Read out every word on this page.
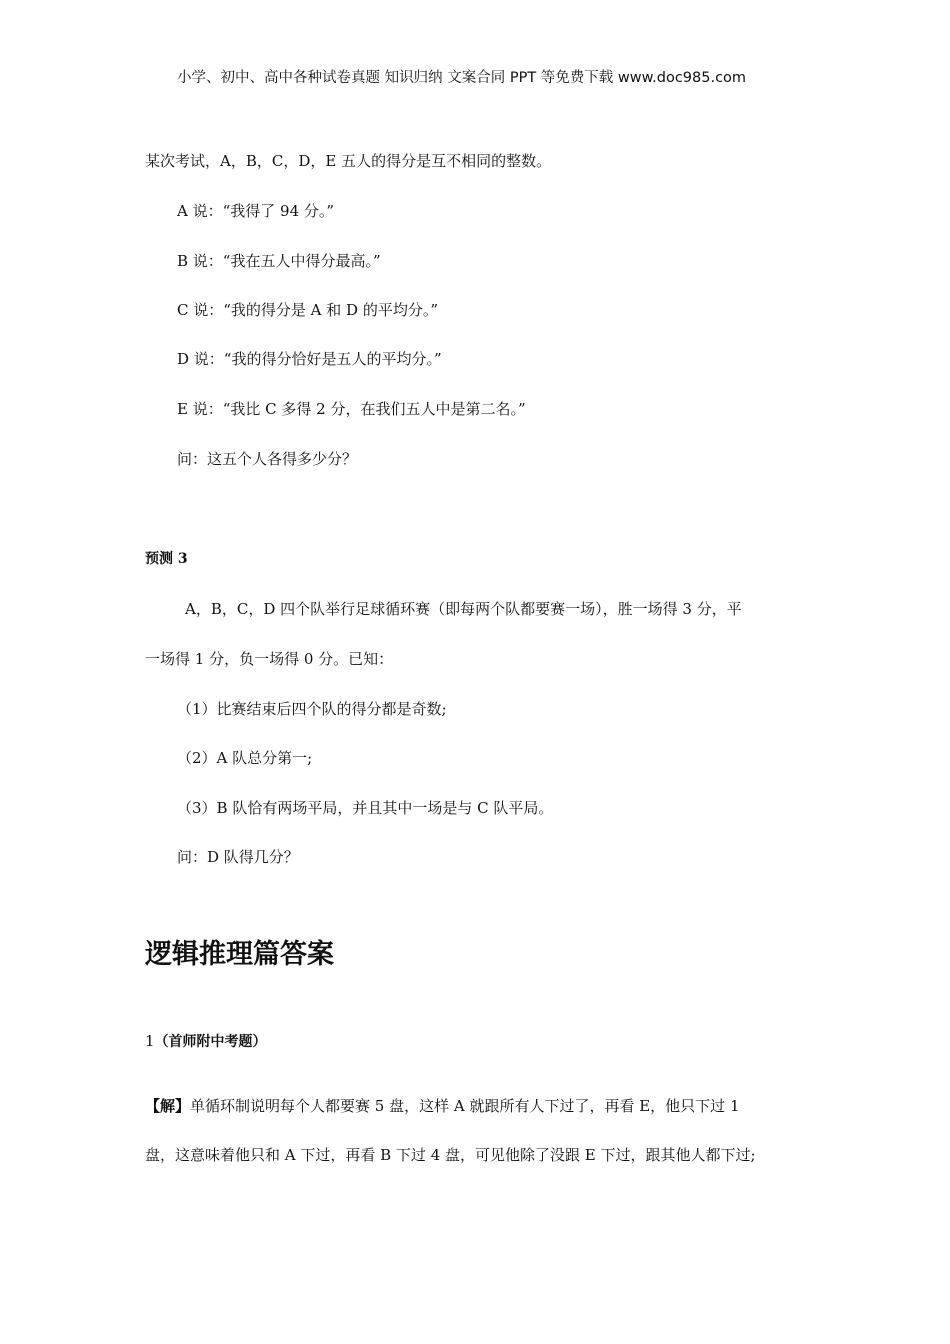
小学、初中、高中各种试卷真题 知识归纳 文案合同 PPT 等免费下载 www.doc985.com
某次考试，A，B，C，D，E 五人的得分是互不相同的整数。
A 说：“我得了 94 分。”
B 说：“我在五人中得分最高。”
C 说：“我的得分是 A 和 D 的平均分。”
D 说：“我的得分恰好是五人的平均分。”
E 说：“我比 C 多得 2 分，在我们五人中是第二名。”
问：这五个人各得多少分？
预测 3
A，B，C，D 四个队举行足球循环赛（即每两个队都要赛一场），胜一场得 3 分，平
一场得 1 分，负一场得 0 分。已知：
（1）比赛结束后四个队的得分都是奇数;
（2）A 队总分第一;
（3）B 队恰有两场平局，并且其中一场是与 C 队平局。
问：D 队得几分？
逻辑推理篇答案
1（首师附中考题）
【解】单循环制说明每个人都要赛 5 盘，这样 A 就跟所有人下过了，再看 E，他只下过 1
盘，这意味着他只和 A 下过，再看 B 下过 4 盘，可见他除了没跟 E 下过，跟其他人都下过;
